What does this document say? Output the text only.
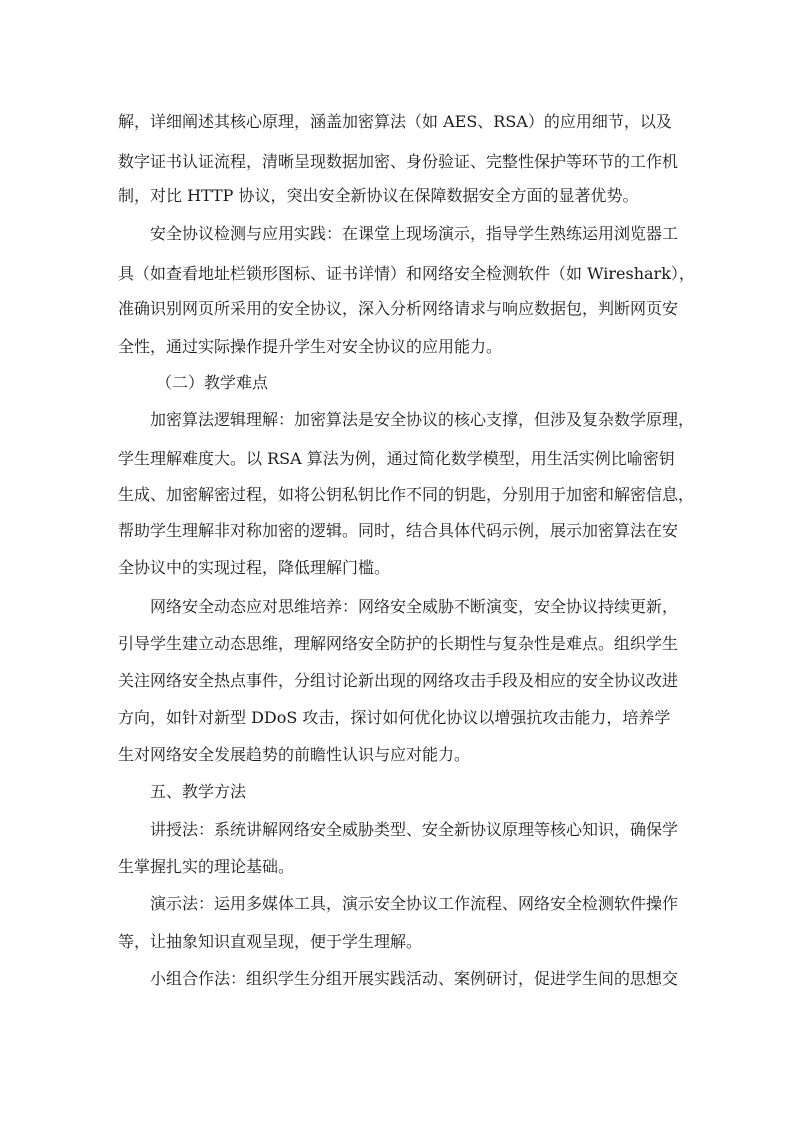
解，详细阐述其核心原理，涵盖加密算法（如 AES、RSA）的应用细节，以及
数字证书认证流程，清晰呈现数据加密、身份验证、完整性保护等环节的工作机
制，对比 HTTP 协议，突出安全新协议在保障数据安全方面的显著优势。
安全协议检测与应用实践：在课堂上现场演示，指导学生熟练运用浏览器工
具（如查看地址栏锁形图标、证书详情）和网络安全检测软件（如 Wireshark），
准确识别网页所采用的安全协议，深入分析网络请求与响应数据包，判断网页安
全性，通过实际操作提升学生对安全协议的应用能力。
（二）教学难点
加密算法逻辑理解：加密算法是安全协议的核心支撑，但涉及复杂数学原理，
学生理解难度大。以 RSA 算法为例，通过简化数学模型，用生活实例比喻密钥
生成、加密解密过程，如将公钥私钥比作不同的钥匙，分别用于加密和解密信息，
帮助学生理解非对称加密的逻辑。同时，结合具体代码示例，展示加密算法在安
全协议中的实现过程，降低理解门槛。
网络安全动态应对思维培养：网络安全威胁不断演变，安全协议持续更新，
引导学生建立动态思维，理解网络安全防护的长期性与复杂性是难点。组织学生
关注网络安全热点事件，分组讨论新出现的网络攻击手段及相应的安全协议改进
方向，如针对新型 DDoS 攻击，探讨如何优化协议以增强抗攻击能力，培养学
生对网络安全发展趋势的前瞻性认识与应对能力。
五、教学方法
讲授法：系统讲解网络安全威胁类型、安全新协议原理等核心知识，确保学
生掌握扎实的理论基础。
演示法：运用多媒体工具，演示安全协议工作流程、网络安全检测软件操作
等，让抽象知识直观呈现，便于学生理解。
小组合作法：组织学生分组开展实践活动、案例研讨，促进学生间的思想交
